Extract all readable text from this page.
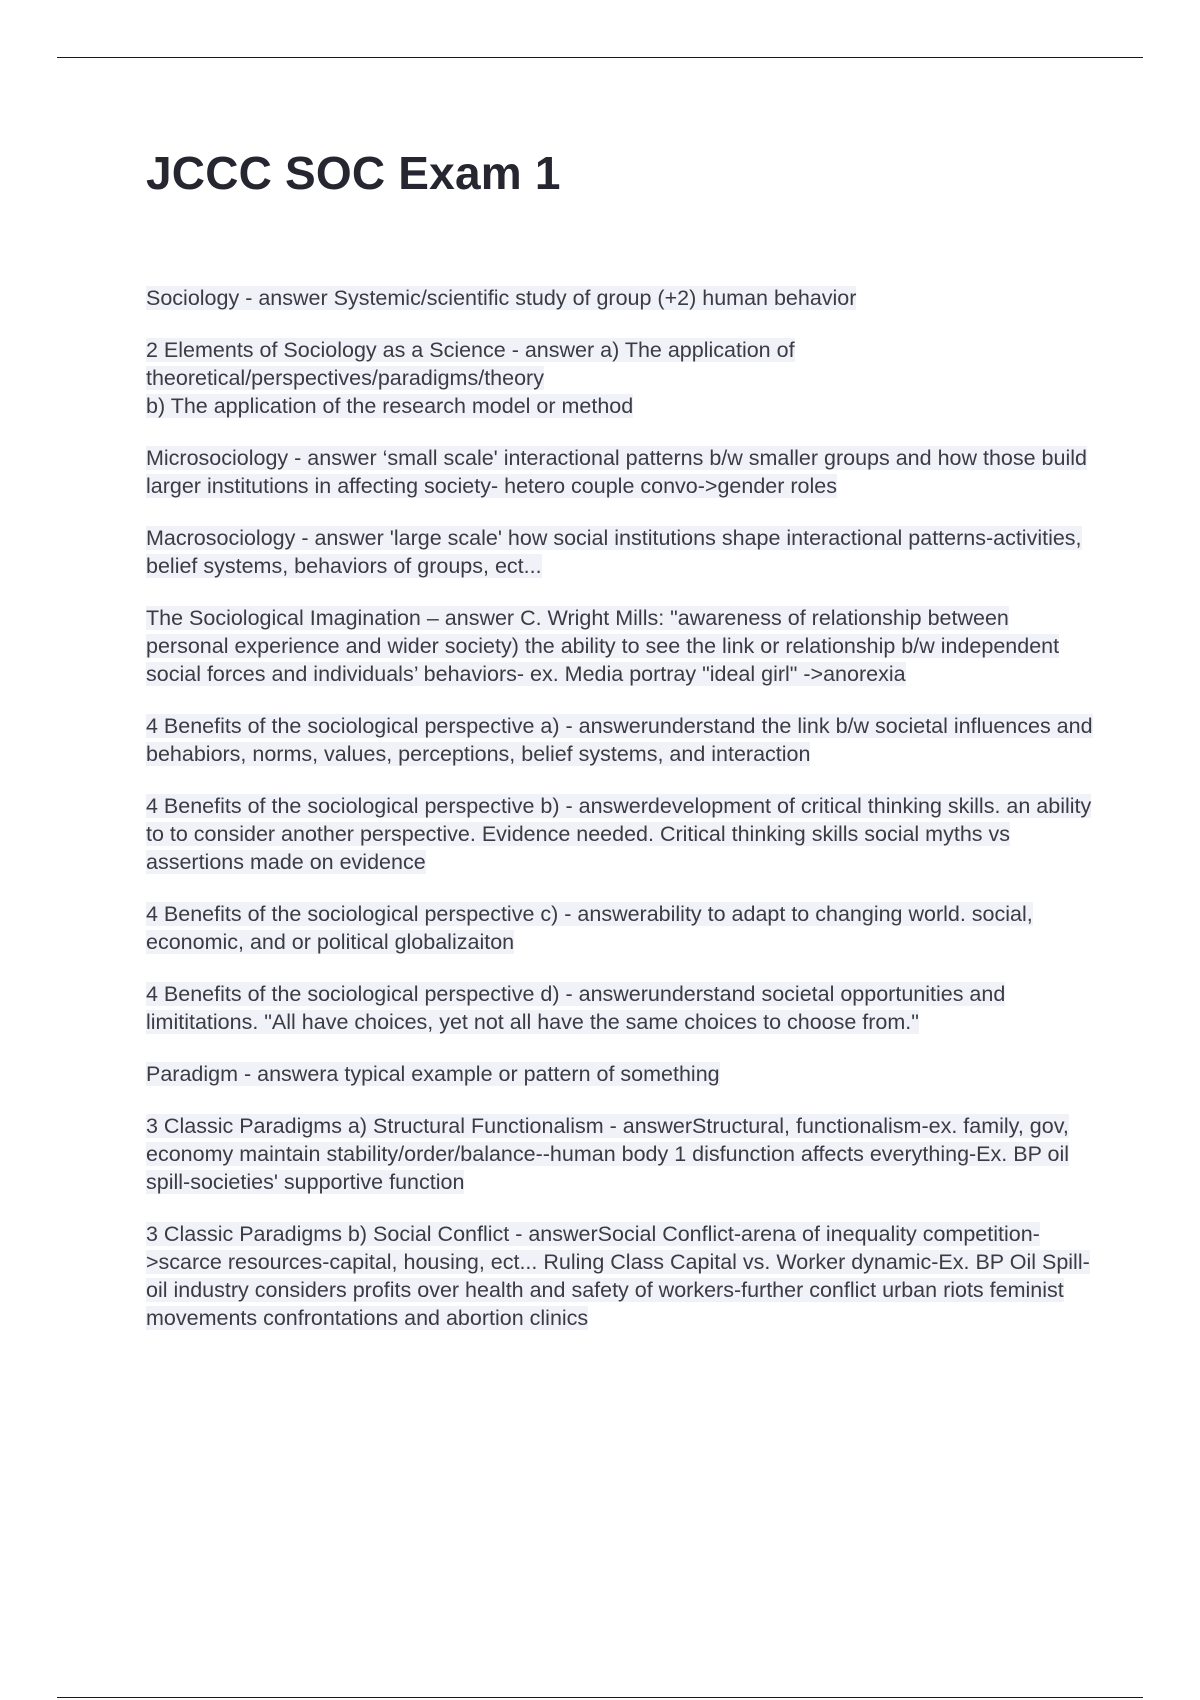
JCCC SOC Exam 1

Sociology - answer Systemic/scientific study of group (+2) human behavior

2 Elements of Sociology as a Science - answer a) The application of
theoretical/perspectives/paradigms/theory
b) The application of the research model or method

Microsociology - answer ‘small scale' interactional patterns b/w smaller groups and how those build larger institutions in affecting society- hetero couple convo->gender roles

Macrosociology - answer 'large scale' how social institutions shape interactional patterns-activities, belief systems, behaviors of groups, ect...

The Sociological Imagination – answer C. Wright Mills: "awareness of relationship between personal experience and wider society) the ability to see the link or relationship b/w independent social forces and individuals’ behaviors- ex. Media portray "ideal girl" ->anorexia

4 Benefits of the sociological perspective a) - answerunderstand the link b/w societal influences and behabiors, norms, values, perceptions, belief systems, and interaction

4 Benefits of the sociological perspective b) - answerdevelopment of critical thinking skills. an ability to to consider another perspective. Evidence needed. Critical thinking skills social myths vs assertions made on evidence

4 Benefits of the sociological perspective c) - answerability to adapt to changing world. social, economic, and or political globalizaiton

4 Benefits of the sociological perspective d) - answerunderstand societal opportunities and limititations. "All have choices, yet not all have the same choices to choose from."

Paradigm - answera typical example or pattern of something

3 Classic Paradigms a) Structural Functionalism - answerStructural, functionalism-ex. family, gov, economy maintain stability/order/balance--human body 1 disfunction affects everything-Ex. BP oil spill-societies' supportive function

3 Classic Paradigms b) Social Conflict - answerSocial Conflict-arena of inequality competition->scarce resources-capital, housing, ect... Ruling Class Capital vs. Worker dynamic-Ex. BP Oil Spill- oil industry considers profits over health and safety of workers-further conflict urban riots feminist movements confrontations and abortion clinics
